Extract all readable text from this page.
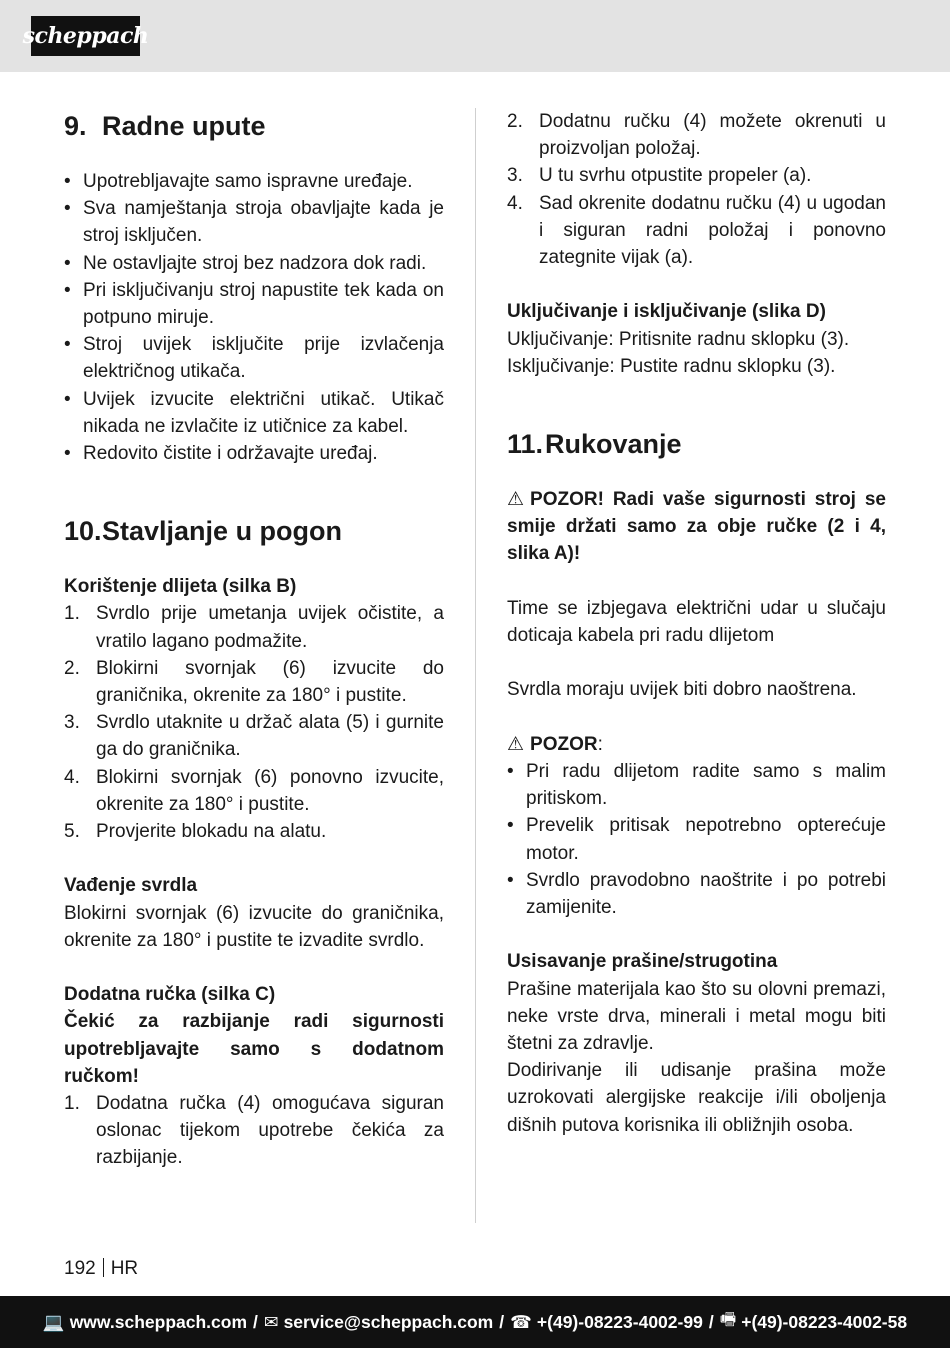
scheppach
9. Radne upute
• Upotrebljavajte samo ispravne uređaje.
• Sva namještanja stroja obavljajte kada je stroj isključen.
• Ne ostavljajte stroj bez nadzora dok radi.
• Pri isključivanju stroj napustite tek kada on potpuno miruje.
• Stroj uvijek isključite prije izvlačenja električnog utikača.
• Uvijek izvucite električni utikač. Utikač nikada ne izvlačite iz utičnice za kabel.
• Redovito čistite i održavajte uređaj.
10. Stavljanje u pogon
Korištenje dlijeta (silka B)
1. Svrdlo prije umetanja uvijek očistite, a vratilo lagano podmažite.
2. Blokirni svornjak (6) izvucite do graničnika, okrenite za 180° i pustite.
3. Svrdlo utaknite u držač alata (5) i gurnite ga do graničnika.
4. Blokirni svornjak (6) ponovno izvucite, okrenite za 180° i pustite.
5. Provjerite blokadu na alatu.
Vađenje svrdla

Blokirni svornjak (6) izvucite do graničnika, okrenite za 180° i pustite te izvadite svrdlo.

Dodatna ručka (silka C)

Čekić za razbijanje radi sigurnosti upotrebljavajte samo s dodatnom ručkom!

1. Dodatna ručka (4) omogućava siguran oslonac tijekom upotrebe čekića za razbijanje.
2. Dodatnu ručku (4) možete okrenuti u proizvoljan položaj.
3. U tu svrhu otpustite propeler (a).
4. Sad okrenite dodatnu ručku (4) u ugodan i siguran radni položaj i ponovno zategnite vijak (a).
Uključivanje i isključivanje (slika D)
Uključivanje: Pritisnite radnu sklopku (3).
Isključivanje: Pustite radnu sklopku (3).
11. Rukovanje

⚠ POZOR! Radi vaše sigurnosti stroj se smije držati samo za obje ručke (2 i 4, slika A)!

Time se izbjegava električni udar u slučaju doticaja kabela pri radu dlijetom

Svrdla moraju uvijek biti dobro naoštrena.

⚠ POZOR:
• Pri radu dlijetom radite samo s malim pritiskom.
• Prevelik pritisak nepotrebno opterećuje motor.
• Svrdlo pravodobno naoštrite i po potrebi zamijenite.
Usisavanje prašine/strugotina

Prašine materijala kao što su olovni premazi, neke vrste drva, minerali i metal mogu biti štetni za zdravlje.

Dodirivanje ili udisanje prašina može uzrokovati alergijske reakcije i/ili oboljenja dišnih putova korisnika ili obližnjih osoba.

192 HR
💻 www.scheppach.com / ✉ service@scheppach.com / ☎ +(49)-08223-4002-99 / 🖷 +(49)-08223-4002-58
